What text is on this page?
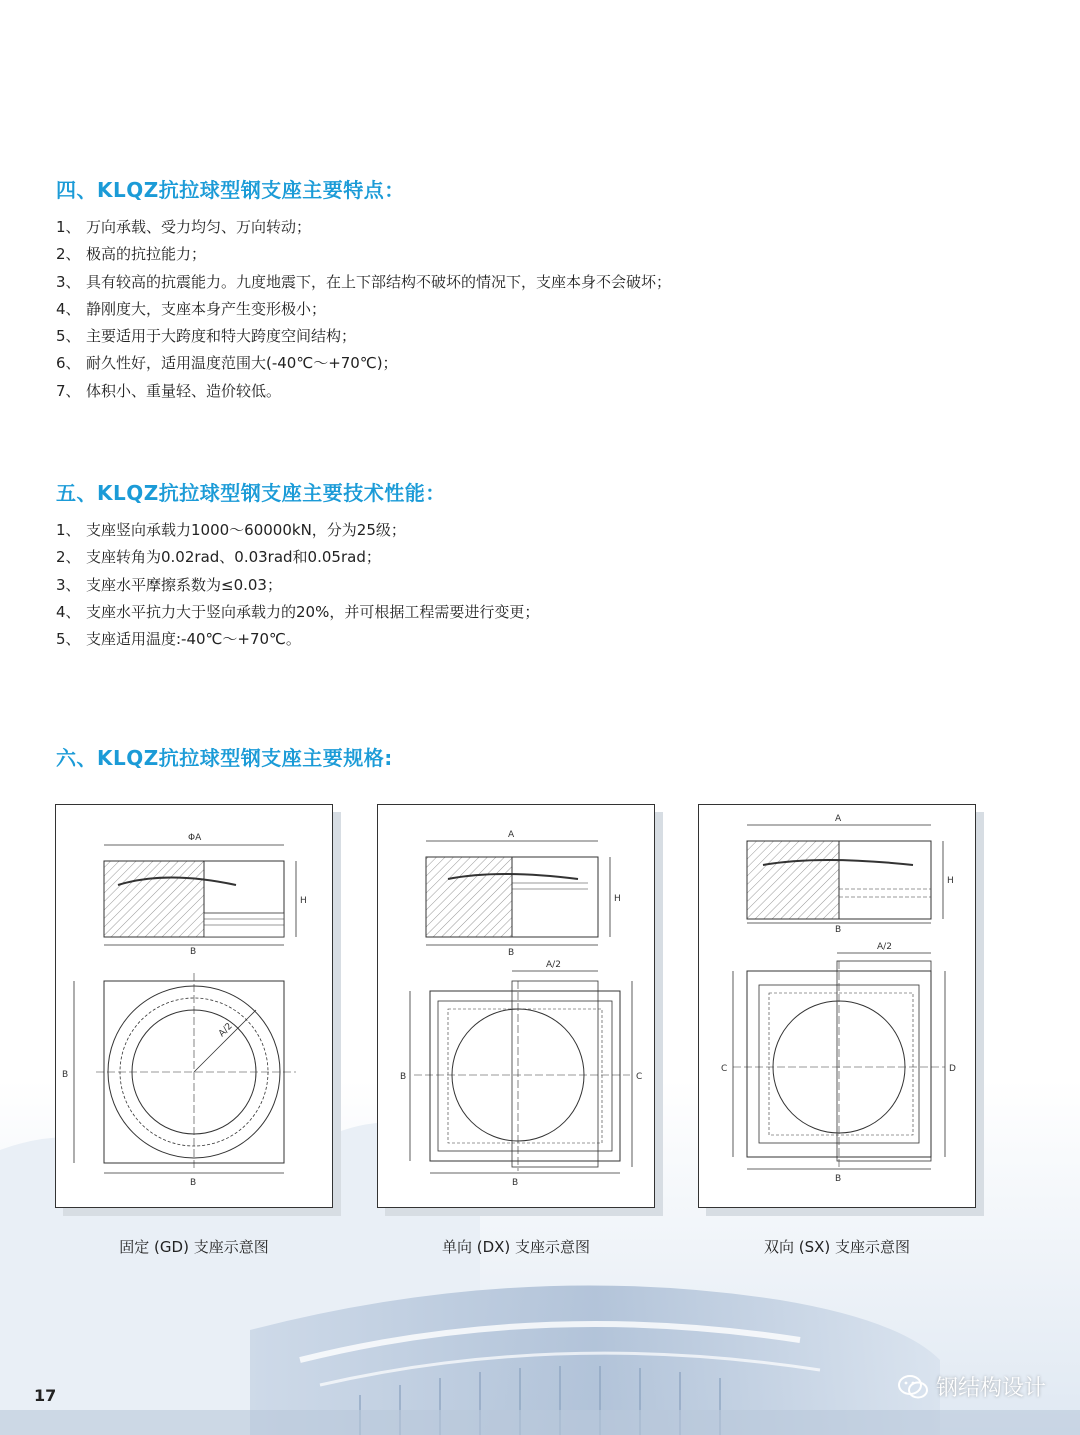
四、KLQZ抗拉球型钢支座主要特点：
1、 万向承载、受力均匀、万向转动；
2、 极高的抗拉能力；
3、 具有较高的抗震能力。九度地震下，在上下部结构不破坏的情况下，支座本身不会破坏；
4、 静刚度大，支座本身产生变形极小；
5、 主要适用于大跨度和特大跨度空间结构；
6、 耐久性好，适用温度范围大(-40℃～+70℃)；
7、 体积小、重量轻、造价较低。
五、KLQZ抗拉球型钢支座主要技术性能：
1、 支座竖向承载力1000～60000kN，分为25级；
2、 支座转角为0.02rad、0.03rad和0.05rad；
3、 支座水平摩擦系数为≤0.03；
4、 支座水平抗力大于竖向承载力的20%，并可根据工程需要进行变更；
5、 支座适用温度:-40℃～+70℃。
六、KLQZ抗拉球型钢支座主要规格:
ΦA
H
B
A/2
B
B
固定 (GD) 支座示意图
A
H
B
A/2
B	C
B
单向 (DX) 支座示意图
A
H
B
A/2
C	D
B
双向 (SX) 支座示意图
17	钢结构设计
